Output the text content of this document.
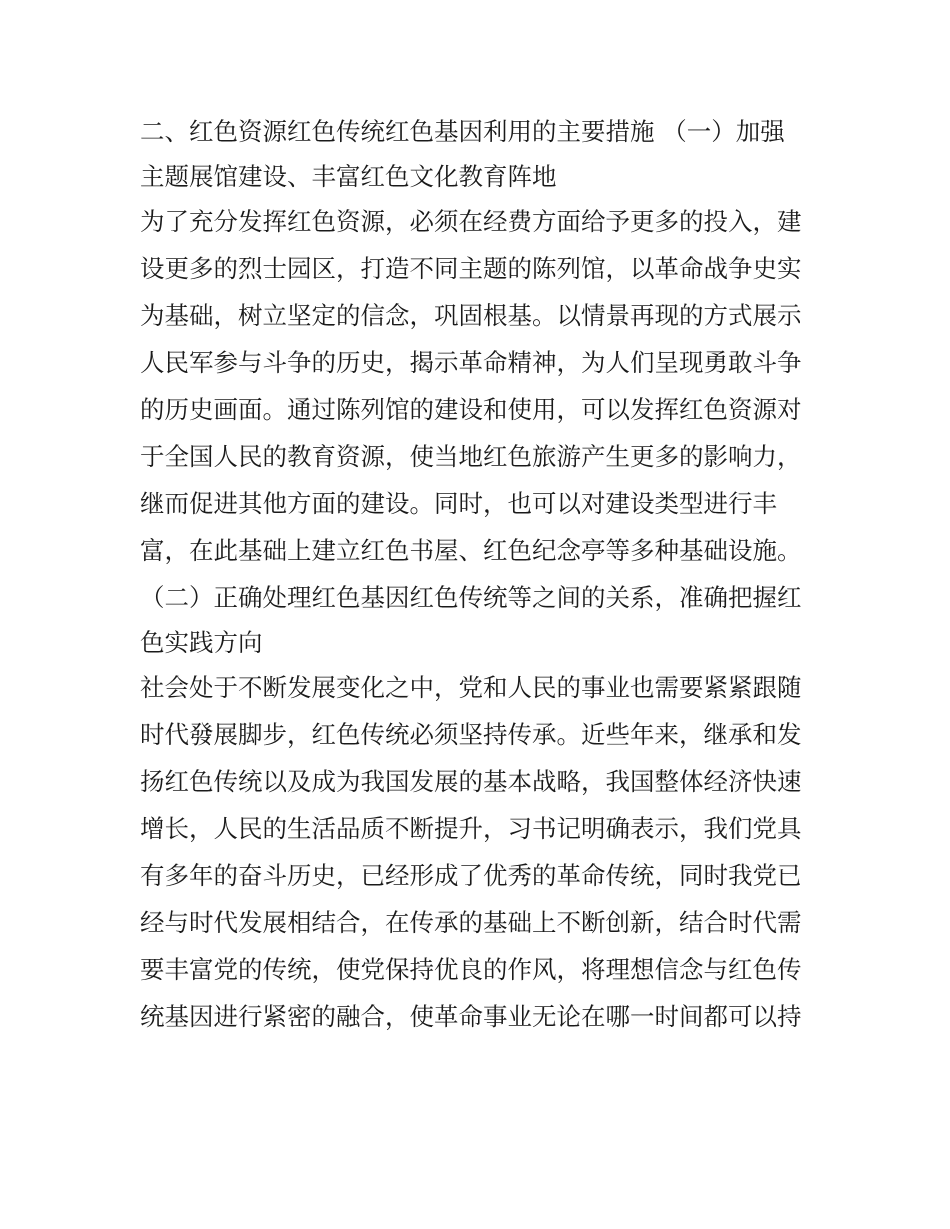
二、红色资源红色传统红色基因利用的主要措施 （一）加强
主题展馆建设、丰富红色文化教育阵地
为了充分发挥红色资源，必须在经费方面给予更多的投入，建
设更多的烈士园区，打造不同主题的陈列馆，以革命战争史实
为基础，树立坚定的信念，巩固根基。以情景再现的方式展示
人民军参与斗争的历史，揭示革命精神，为人们呈现勇敢斗争
的历史画面。通过陈列馆的建设和使用，可以发挥红色资源对
于全国人民的教育资源，使当地红色旅游产生更多的影响力，
继而促进其他方面的建设。同时，也可以对建设类型进行丰
富，在此基础上建立红色书屋、红色纪念亭等多种基础设施。
（二）正确处理红色基因红色传统等之间的关系，准确把握红
色实践方向
社会处于不断发展变化之中，党和人民的事业也需要紧紧跟随
时代發展脚步，红色传统必须坚持传承。近些年来，继承和发
扬红色传统以及成为我国发展的基本战略，我国整体经济快速
增长，人民的生活品质不断提升，习书记明确表示，我们党具
有多年的奋斗历史，已经形成了优秀的革命传统，同时我党已
经与时代发展相结合，在传承的基础上不断创新，结合时代需
要丰富党的传统，使党保持优良的作风，将理想信念与红色传
统基因进行紧密的融合，使革命事业无论在哪一时间都可以持
